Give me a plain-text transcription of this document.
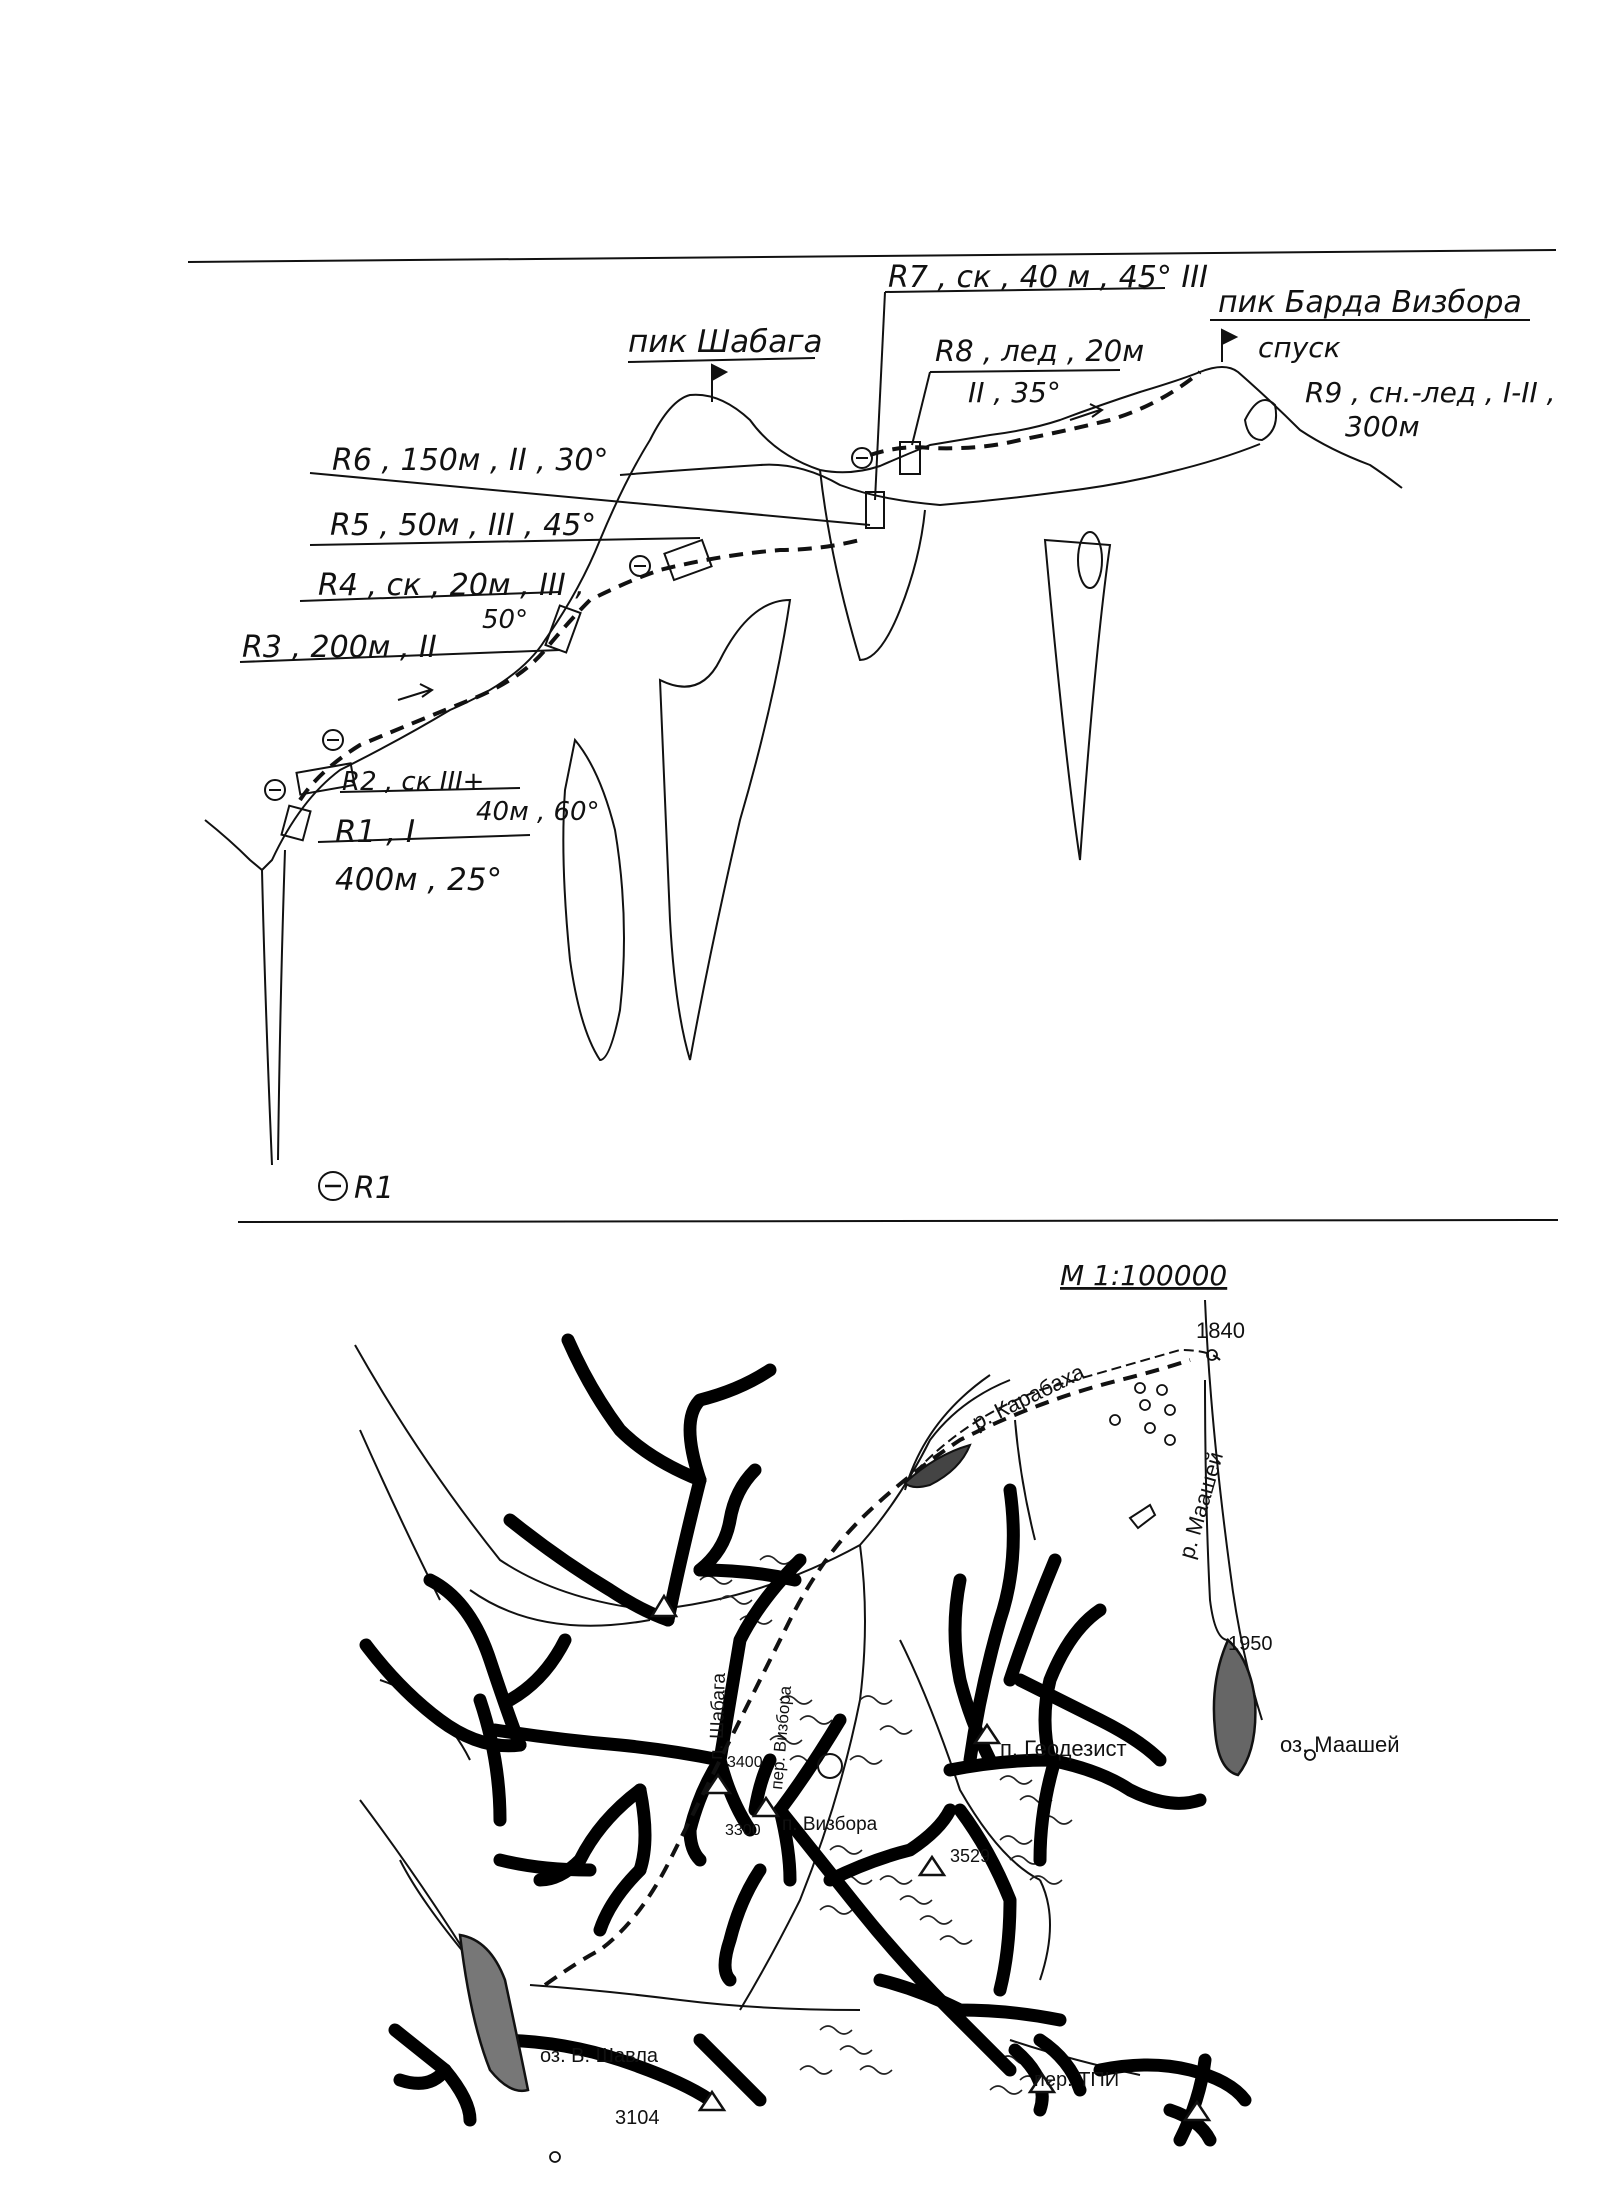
пик Шабага
пик Барда Визбора
спуск
R1 , I
400м , 25°
R2 , ск III+
40м , 60°
R3 , 200м , II
R4 , ск , 20м , III ,
50°
R5 , 50м , III , 45°
R6 , 150м , II , 30°
R7 , ск , 40 м , 45° III
R8 , лед , 20м
II , 35°	R9 , сн.-лед , I-II ,
300м
R1
М 1:100000
1840
1950
3400
3300
3529
3104
р. Карабаха
р. Маашей
оз. Маашей
оз. В. Шавла
п. Шабага
п. Визбора
п. Геодезист
пер. Визбора
пер. ТПИ
